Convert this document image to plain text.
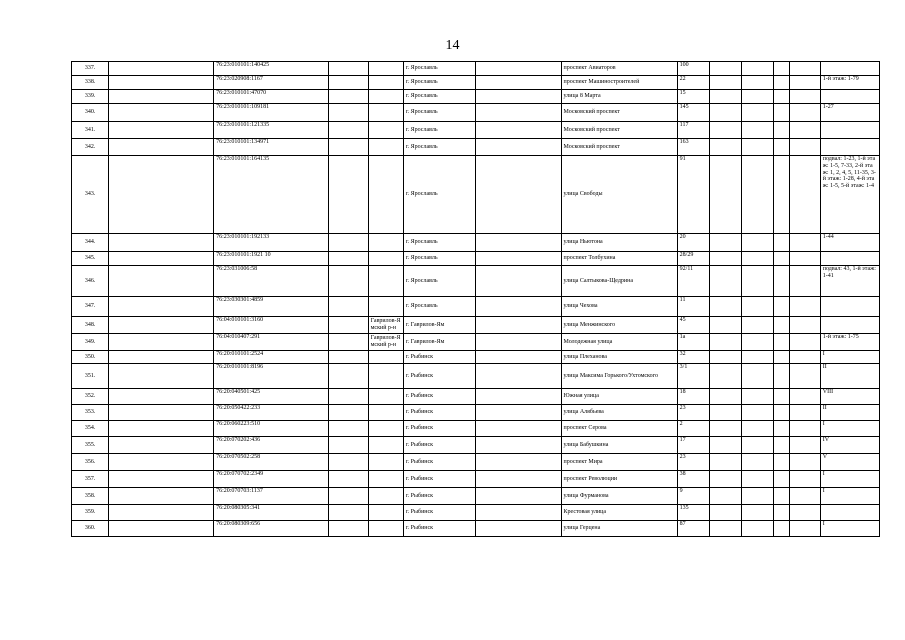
14
337.		76:23:010101:140425			г. Ярославль		проспект Авиаторов	100					
338.		76:23:020908:1167			г. Ярославль		проспект Машиностроителей	22					1-й этаж: 1-79
339.		76:23:010101:47070			г. Ярославль		улица 8 Марта	15					
340.		76:23:010101:109181			г. Ярославль		Московский проспект	145					1-27
341.		76:23:010101:121335			г. Ярославль		Московский проспект	117					
342.		76:23:010101:134971			г. Ярославль		Московский проспект	163					
343.		76:23:010101:164135			г. Ярославль		улица Свободы	91					подвал: 1-23, 1-й этаж: 1-5, 7-33, 2-й этаж: 1, 2, 4, 5, 11-35, 3-й этаж: 1-28, 4-й этаж: 1-5, 5-й этаж: 1-4
344.		76:23:010101:192133			г. Ярославль		улица Ньютона	20					1-44
345.		76:23:010101:1921 10			г. Ярославль		проспект Толбухина	28/29					
346.		76:23:031006:58			г. Ярославль		улица Салтыкова-Щедрина	92/11					подвал: 43, 1-й этаж: 1-41
347.		76:23:030301:4859			г. Ярославль		улица Чехова	11					
348.		76:04:010101:3160		Гаврилов-Ямский р-н	г. Гаврилов-Ям		улица Менжинского	45					
349.		76:04:010407:291		Гаврилов-Ямский р-н	г. Гаврилов-Ям		Молодежная улица	1а					1-й этаж: 1-75
350.		76:20:010101:2524			г. Рыбинск		улица Плеханова	32					I
351.		76:20:010101:8196			г. Рыбинск		улица Максима Горького/Ухтомского	3/1					II
352.		76:20:040501:425			г. Рыбинск		Южная улица	18					VIII
353.		76:20:050422:233			г. Рыбинск		улица Алябьева	23					II
354.		76:20:060223:510			г. Рыбинск		проспект Серова	2					I
355.		76:20:070202:436			г. Рыбинск		улица Бабушкина	17					IV
356.		76:20:070502:258			г. Рыбинск		проспект Мира	23					V
357.		76:20:070702:2349			г. Рыбинск		проспект Революции	38					I
358.		76:20:070703:1137			г. Рыбинск		улица Фурманова	9					I
359.		76:20:080305:341			г. Рыбинск		Крестовая улица	135					
360.		76:20:080309:656			г. Рыбинск		улица Герцена	87					I
